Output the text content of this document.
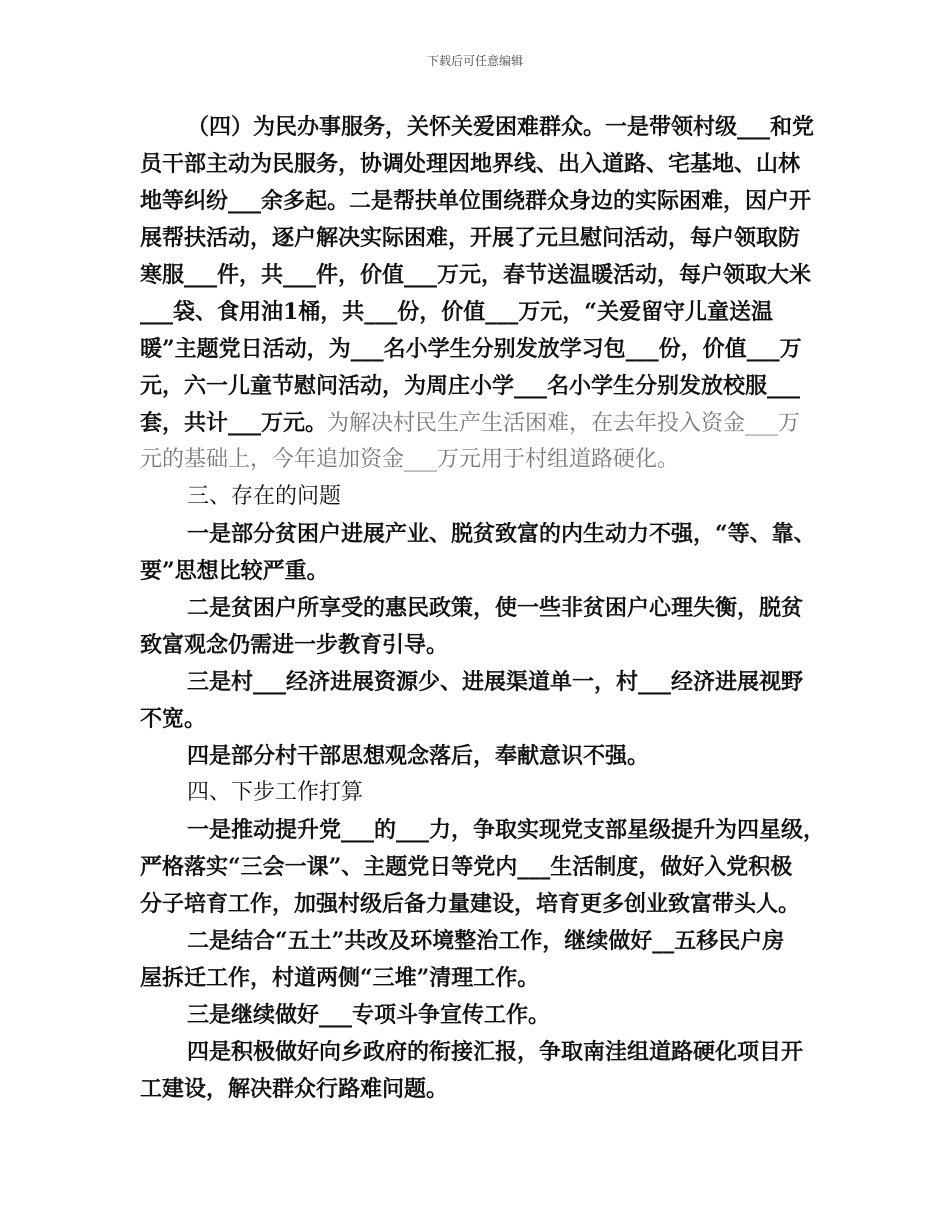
下载后可任意编辑
（四）为民办事服务，关怀关爱困难群众。一是带领村级___和党
员干部主动为民服务，协调处理因地界线、出入道路、宅基地、山林
地等纠纷___余多起。二是帮扶单位围绕群众身边的实际困难，因户开
展帮扶活动，逐户解决实际困难，开展了元旦慰问活动，每户领取防
寒服___件，共___件，价值___万元，春节送温暖活动，每户领取大米
___袋、食用油1桶，共___份，价值___万元，“关爱留守儿童送温
暖”主题党日活动，为___名小学生分别发放学习包___份，价值___万
元，六一儿童节慰问活动，为周庄小学___名小学生分别发放校服___
套，共计___万元。为解决村民生产生活困难，在去年投入资金___万
元的基础上，今年追加资金___万元用于村组道路硬化。
三、存在的问题
一是部分贫困户进展产业、脱贫致富的内生动力不强，“等、靠、
要”思想比较严重。
二是贫困户所享受的惠民政策，使一些非贫困户心理失衡，脱贫
致富观念仍需进一步教育引导。
三是村___经济进展资源少、进展渠道单一，村___经济进展视野
不宽。
四是部分村干部思想观念落后，奉献意识不强。
四、下步工作打算
一是推动提升党___的___力，争取实现党支部星级提升为四星级，
严格落实“三会一课”、主题党日等党内___生活制度，做好入党积极
分子培育工作，加强村级后备力量建设，培育更多创业致富带头人。
二是结合“五土”共改及环境整治工作，继续做好__五移民户房
屋拆迁工作，村道两侧“三堆”清理工作。
三是继续做好___专项斗争宣传工作。
四是积极做好向乡政府的衔接汇报，争取南洼组道路硬化项目开
工建设，解决群众行路难问题。
